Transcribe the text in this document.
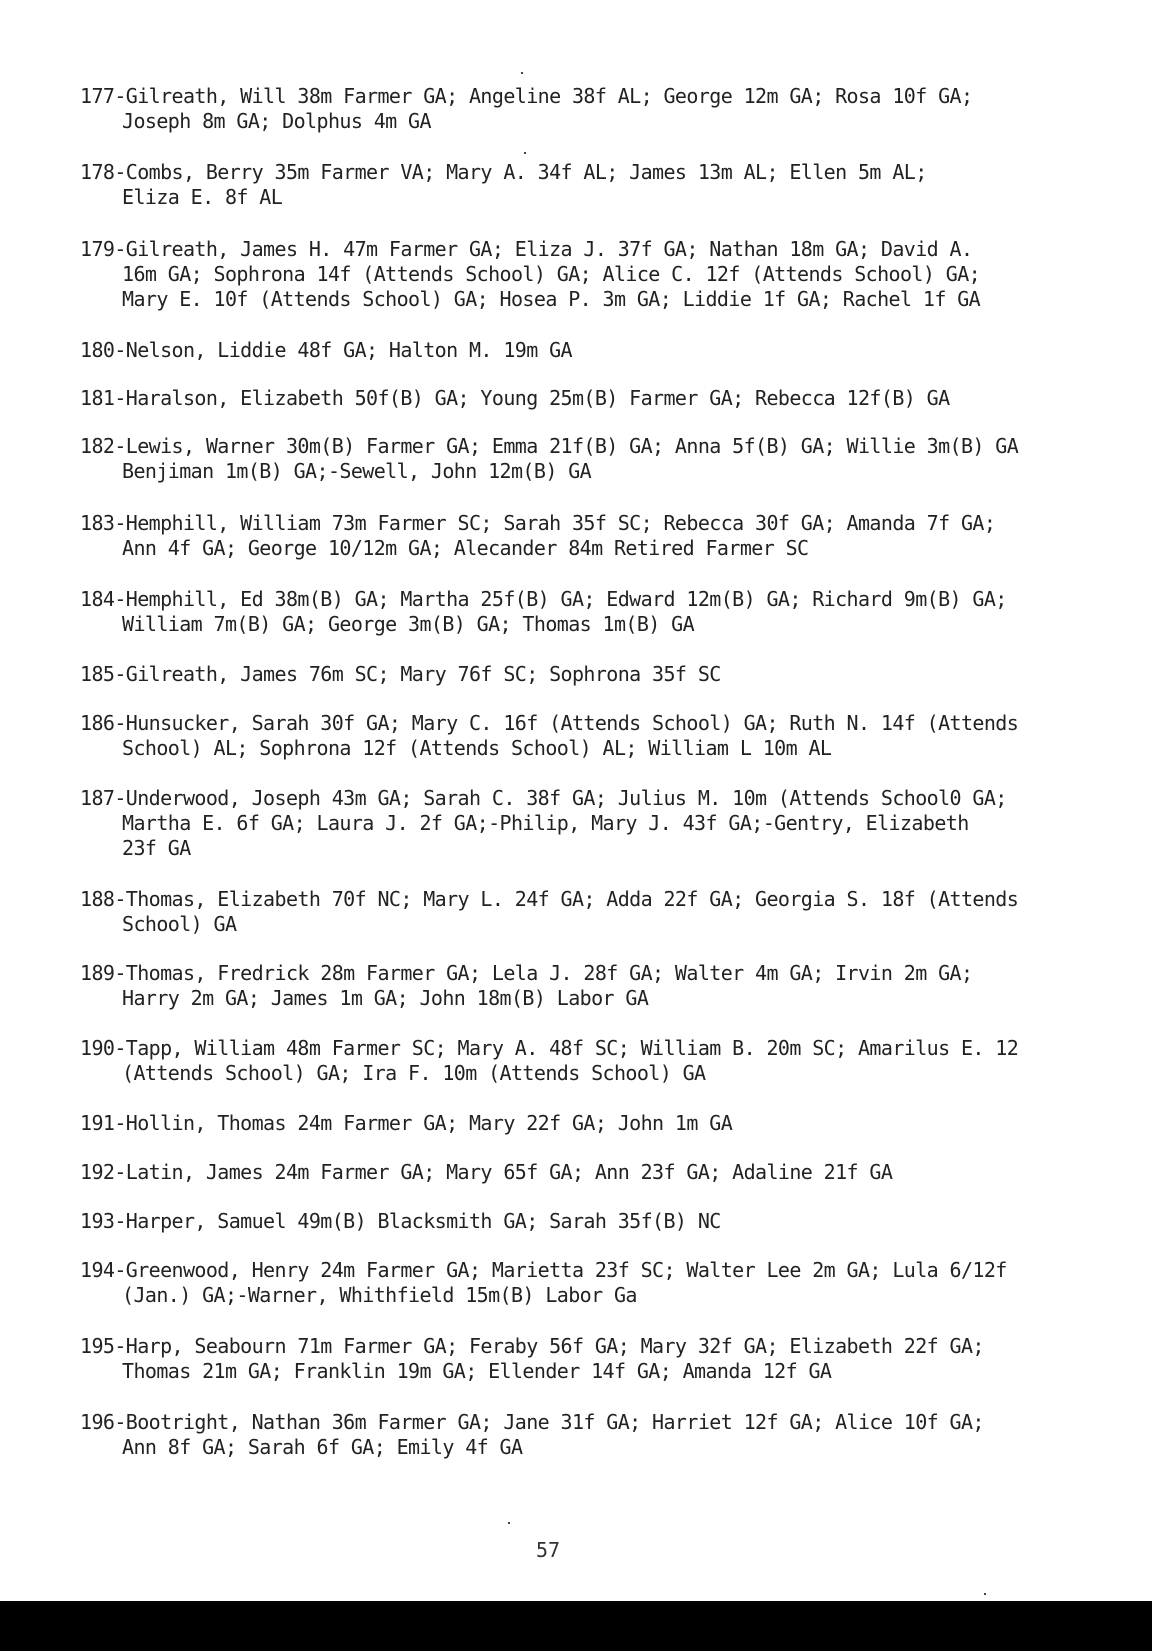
177-Gilreath, Will 38m Farmer GA; Angeline 38f AL; George 12m GA; Rosa 10f GA;
Joseph 8m GA; Dolphus 4m GA

178-Combs, Berry 35m Farmer VA; Mary A. 34f AL; James 13m AL; Ellen 5m AL;
Eliza E. 8f AL

179-Gilreath, James H. 47m Farmer GA; Eliza J. 37f GA; Nathan 18m GA; David A.
16m GA; Sophrona 14f (Attends School) GA; Alice C. 12f (Attends School) GA;
Mary E. 10f (Attends School) GA; Hosea P. 3m GA; Liddie 1f GA; Rachel 1f GA

180-Nelson, Liddie 48f GA; Halton M. 19m GA

181-Haralson, Elizabeth 50f(B) GA; Young 25m(B) Farmer GA; Rebecca 12f(B) GA

182-Lewis, Warner 30m(B) Farmer GA; Emma 21f(B) GA; Anna 5f(B) GA; Willie 3m(B) GA
Benjiman 1m(B) GA;-Sewell, John 12m(B) GA

183-Hemphill, William 73m Farmer SC; Sarah 35f SC; Rebecca 30f GA; Amanda 7f GA;
Ann 4f GA; George 10/12m GA; Alecander 84m Retired Farmer SC

184-Hemphill, Ed 38m(B) GA; Martha 25f(B) GA; Edward 12m(B) GA; Richard 9m(B) GA;
William 7m(B) GA; George 3m(B) GA; Thomas 1m(B) GA

185-Gilreath, James 76m SC; Mary 76f SC; Sophrona 35f SC

186-Hunsucker, Sarah 30f GA; Mary C. 16f (Attends School) GA; Ruth N. 14f (Attends
School) AL; Sophrona 12f (Attends School) AL; William L 10m AL

187-Underwood, Joseph 43m GA; Sarah C. 38f GA; Julius M. 10m (Attends School0 GA;
Martha E. 6f GA; Laura J. 2f GA;-Philip, Mary J. 43f GA;-Gentry, Elizabeth
23f GA

188-Thomas, Elizabeth 70f NC; Mary L. 24f GA; Adda 22f GA; Georgia S. 18f (Attends
School) GA

189-Thomas, Fredrick 28m Farmer GA; Lela J. 28f GA; Walter 4m GA; Irvin 2m GA;
Harry 2m GA; James 1m GA; John 18m(B) Labor GA

190-Tapp, William 48m Farmer SC; Mary A. 48f SC; William B. 20m SC; Amarilus E. 12
(Attends School) GA; Ira F. 10m (Attends School) GA

191-Hollin, Thomas 24m Farmer GA; Mary 22f GA; John 1m GA

192-Latin, James 24m Farmer GA; Mary 65f GA; Ann 23f GA; Adaline 21f GA

193-Harper, Samuel 49m(B) Blacksmith GA; Sarah 35f(B) NC

194-Greenwood, Henry 24m Farmer GA; Marietta 23f SC; Walter Lee 2m GA; Lula 6/12f
(Jan.) GA;-Warner, Whithfield 15m(B) Labor Ga

195-Harp, Seabourn 71m Farmer GA; Feraby 56f GA; Mary 32f GA; Elizabeth 22f GA;
Thomas 21m GA; Franklin 19m GA; Ellender 14f GA; Amanda 12f GA

196-Bootright, Nathan 36m Farmer GA; Jane 31f GA; Harriet 12f GA; Alice 10f GA;
Ann 8f GA; Sarah 6f GA; Emily 4f GA

57
